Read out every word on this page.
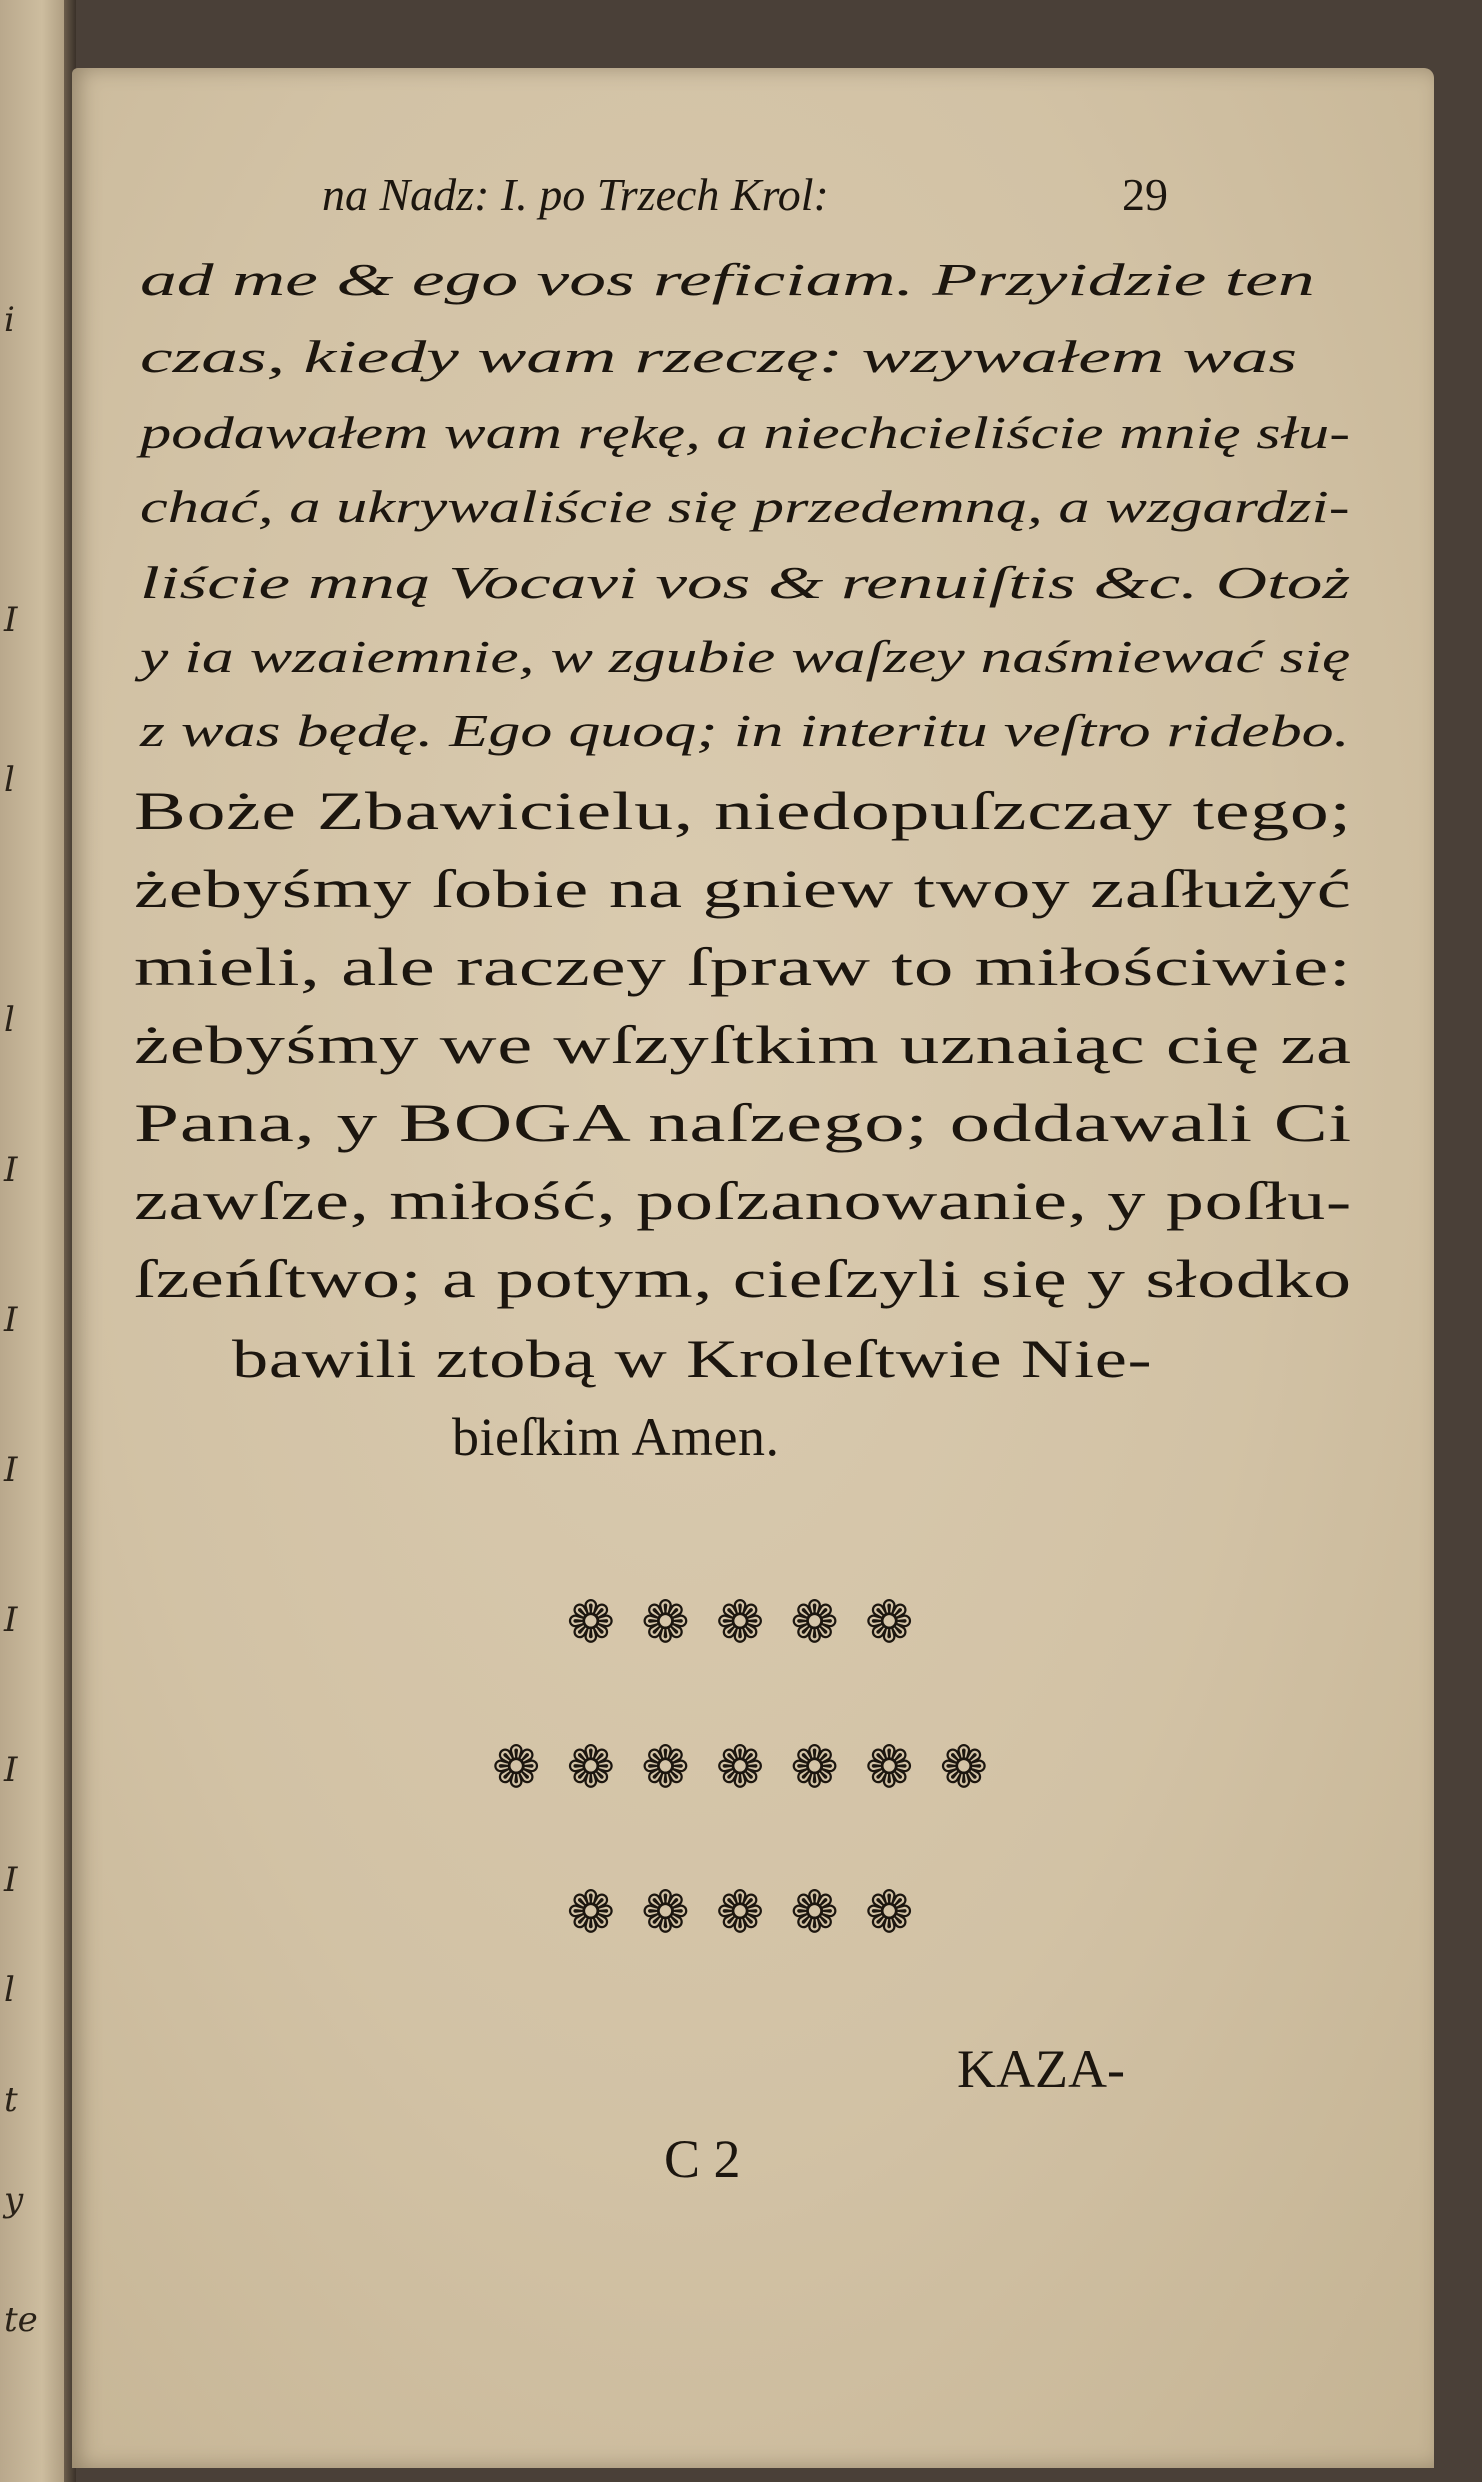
i
I
l
l
I
I
I
I
I
I
l
t
y
te
na Nadz: I. po Trzech Krol:	29
ad me & ego vos reficiam. Przyidzie ten
czas, kiedy wam rzeczę: wzywałem was
podawałem wam rękę, a niechcieliście mnię słu-
chać, a ukrywaliście się przedemną, a wzgardzi-
liście mną Vocavi vos & renuiſtis &c. Otoż
y ia wzaiemnie, w zgubie waſzey naśmiewać się
z was będę. Ego quoq; in interitu veſtro ridebo.
Boże Zbawicielu, niedopuſzczay tego;
żebyśmy ſobie na gniew twoy zaſłużyć
mieli, ale raczey ſpraw to miłościwie:
żebyśmy we wſzyſtkim uznaiąc cię za
Pana, y BOGA naſzego; oddawali Ci
zawſze, miłość, poſzanowanie, y poſłu-
ſzeńſtwo; a potym, cieſzyli się y słodko
bawili ztobą w Kroleſtwie Nie-
bieſkim Amen.
❁❁❁❁❁
❁❁❁❁❁❁❁
❁❁❁❁❁
KAZA-
C 2
